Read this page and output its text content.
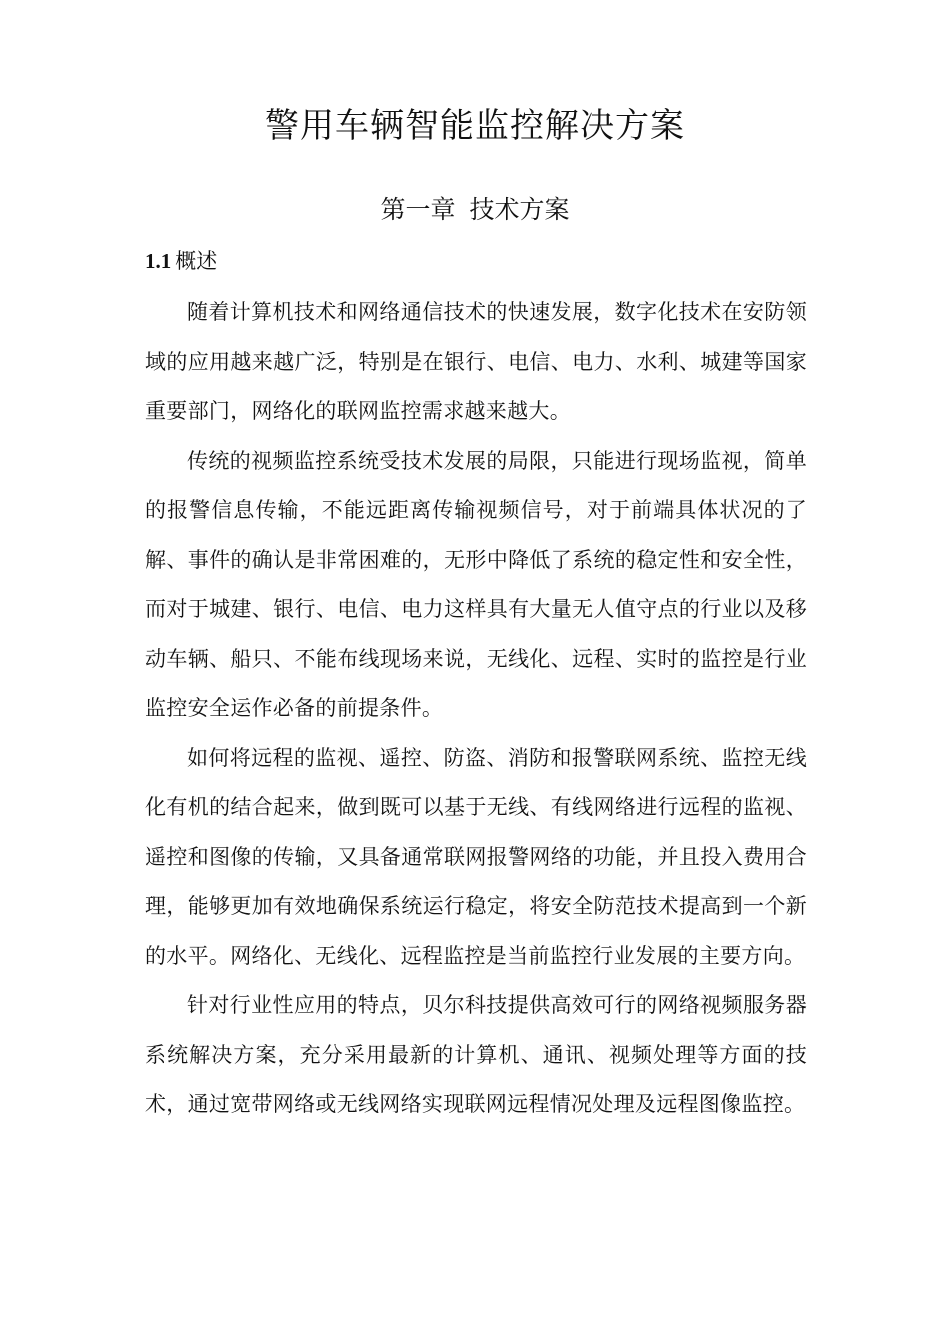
警用车辆智能监控解决方案
第一章 技术方案
1.1 概述

随着计算机技术和网络通信技术的快速发展，数字化技术在安防领域的应用越来越广泛，特别是在银行、电信、电力、水利、城建等国家重要部门，网络化的联网监控需求越来越大。

传统的视频监控系统受技术发展的局限，只能进行现场监视，简单的报警信息传输，不能远距离传输视频信号，对于前端具体状况的了解、事件的确认是非常困难的，无形中降低了系统的稳定性和安全性，而对于城建、银行、电信、电力这样具有大量无人值守点的行业以及移动车辆、船只、不能布线现场来说，无线化、远程、实时的监控是行业监控安全运作必备的前提条件。

如何将远程的监视、遥控、防盗、消防和报警联网系统、监控无线化有机的结合起来，做到既可以基于无线、有线网络进行远程的监视、遥控和图像的传输，又具备通常联网报警网络的功能，并且投入费用合理，能够更加有效地确保系统运行稳定，将安全防范技术提高到一个新的水平。网络化、无线化、远程监控是当前监控行业发展的主要方向。

针对行业性应用的特点，贝尔科技提供高效可行的网络视频服务器系统解决方案，充分采用最新的计算机、通讯、视频处理等方面的技术，通过宽带网络或无线网络实现联网远程情况处理及远程图像监控。
